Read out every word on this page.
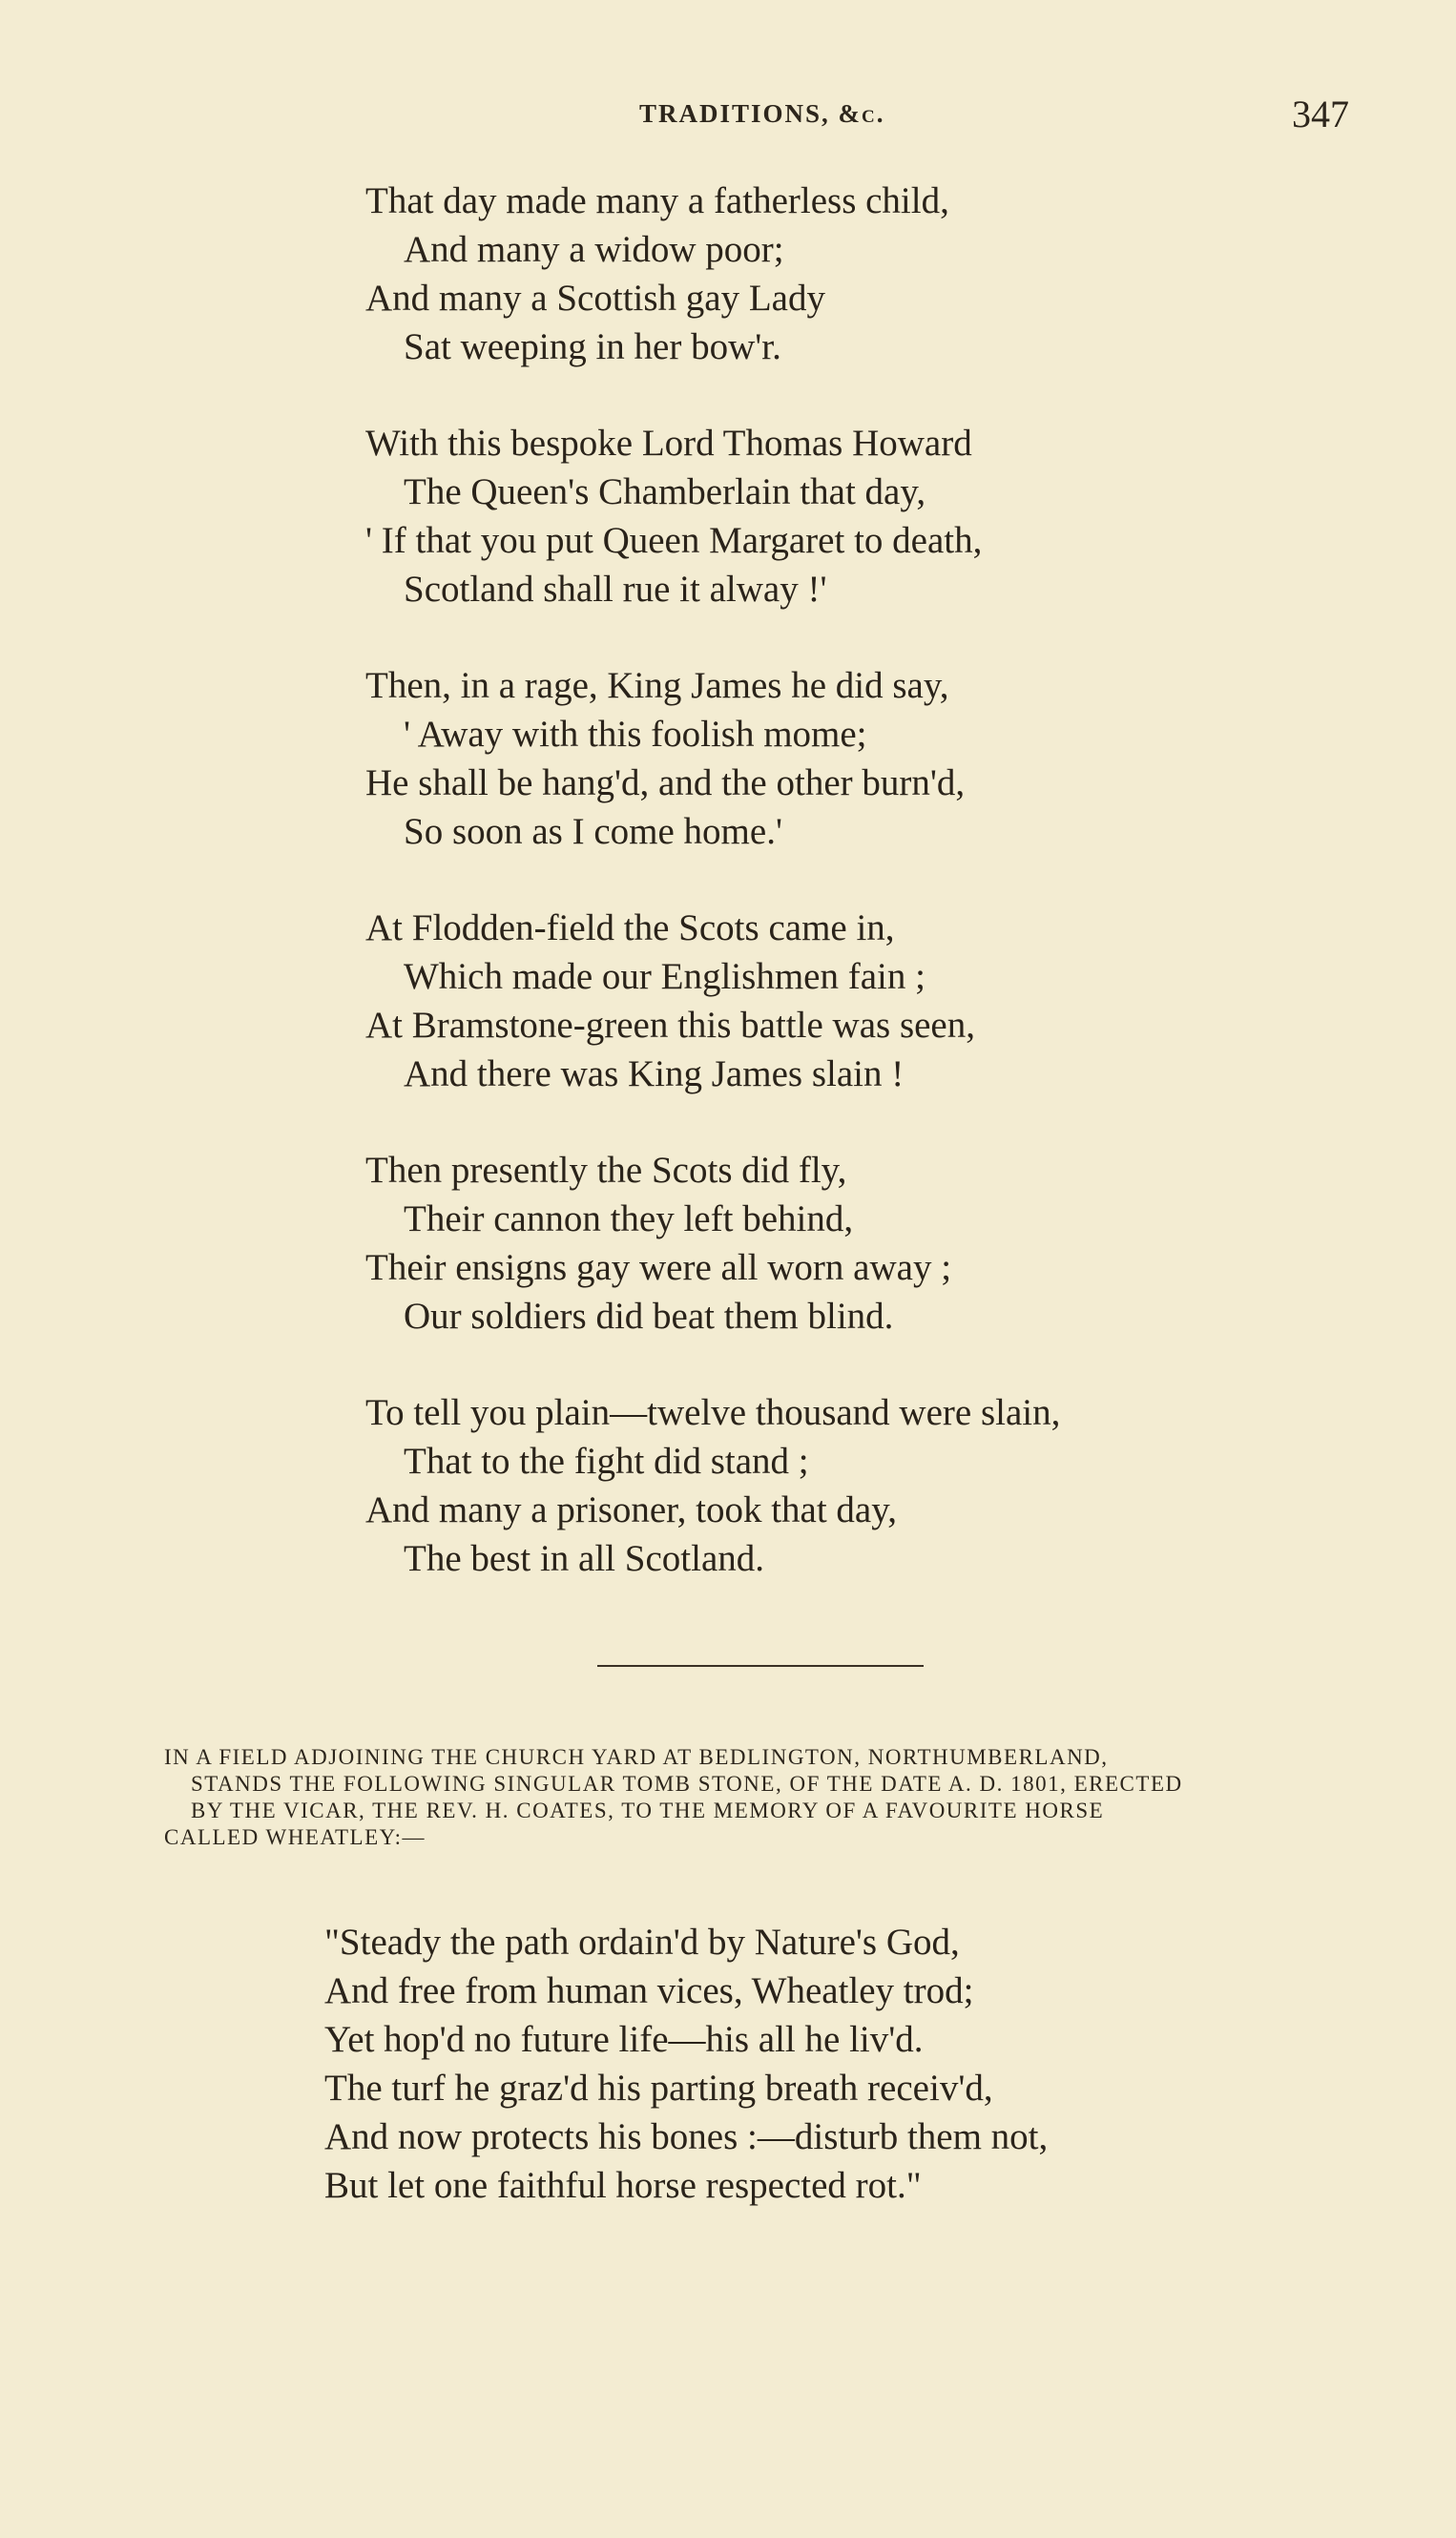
TRADITIONS, &c.	347
That day made many a fatherless child,
And many a widow poor;
And many a Scottish gay Lady
Sat weeping in her bow'r.
With this bespoke Lord Thomas Howard
The Queen's Chamberlain that day,
' If that you put Queen Margaret to death,
Scotland shall rue it alway !'
Then, in a rage, King James he did say,
' Away with this foolish mome;
He shall be hang'd, and the other burn'd,
So soon as I come home.'
At Flodden-field the Scots came in,
Which made our Englishmen fain ;
At Bramstone-green this battle was seen,
And there was King James slain !
Then presently the Scots did fly,
Their cannon they left behind,
Their ensigns gay were all worn away ;
Our soldiers did beat them blind.
To tell you plain—twelve thousand were slain,
That to the fight did stand ;
And many a prisoner, took that day,
The best in all Scotland.
IN A FIELD ADJOINING THE CHURCH YARD AT BEDLINGTON, NORTHUMBERLAND,
STANDS THE FOLLOWING SINGULAR TOMB STONE, OF THE DATE A. D. 1801, ERECTED
BY THE VICAR, THE REV. H. COATES, TO THE MEMORY OF A FAVOURITE HORSE
CALLED WHEATLEY:—
"Steady the path ordain'd by Nature's God,
And free from human vices, Wheatley trod;
Yet hop'd no future life—his all he liv'd.
The turf he graz'd his parting breath receiv'd,
And now protects his bones :—disturb them not,
But let one faithful horse respected rot."
